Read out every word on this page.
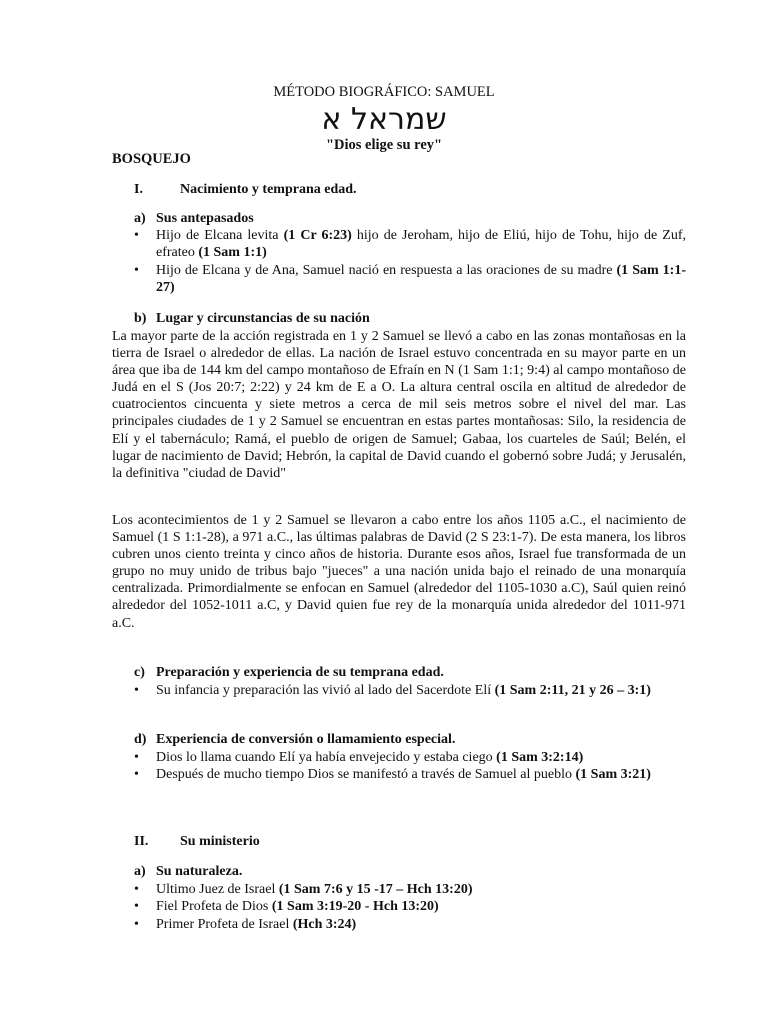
MÉTODO BIOGRÁFICO: SAMUEL
שמראל א
"Dios elige su rey"
BOSQUEJO
I.	Nacimiento y temprana edad.
a) Sus antepasados
• Hijo de Elcana levita (1 Cr 6:23) hijo de Jeroham, hijo de Eliú, hijo de Tohu, hijo de Zuf, efrateo (1 Sam 1:1)
• Hijo de Elcana y de Ana, Samuel nació en respuesta a las oraciones de su madre (1 Sam 1:1-27)
b) Lugar y circunstancias de su nación

La mayor parte de la acción registrada en 1 y 2 Samuel se llevó a cabo en las zonas montañosas en la tierra de Israel o alrededor de ellas. La nación de Israel estuvo concentrada en su mayor parte en un área que iba de 144 km del campo montañoso de Efraín en N (1 Sam 1:1; 9:4) al campo montañoso de Judá en el S (Jos 20:7; 2:22) y 24 km de E a O. La altura central oscila en altitud de alrededor de cuatrocientos cincuenta y siete metros a cerca de mil seis metros sobre el nivel del mar. Las principales ciudades de 1 y 2 Samuel se encuentran en estas partes montañosas: Silo, la residencia de Elí y el tabernáculo; Ramá, el pueblo de origen de Samuel; Gabaa, los cuarteles de Saúl; Belén, el lugar de nacimiento de David; Hebrón, la capital de David cuando el gobernó sobre Judá; y Jerusalén, la definitiva "ciudad de David"

Los acontecimientos de 1 y 2 Samuel se llevaron a cabo entre los años 1105 a.C., el nacimiento de Samuel (1 S 1:1-28), a 971 a.C., las últimas palabras de David (2 S 23:1-7). De esta manera, los libros cubren unos ciento treinta y cinco años de historia. Durante esos años, Israel fue transformada de un grupo no muy unido de tribus bajo "jueces" a una nación unida bajo el reinado de una monarquía centralizada. Primordialmente se enfocan en Samuel (alrededor del 1105-1030 a.C), Saúl quien reinó alrededor del 1052-1011 a.C, y David quien fue rey de la monarquía unida alrededor del 1011-971 a.C.

c) Preparación y experiencia de su temprana edad.
• Su infancia y preparación las vivió al lado del Sacerdote Elí (1 Sam 2:11, 21 y 26 – 3:1)
d) Experiencia de conversión o llamamiento especial.
• Dios lo llama cuando Elí ya había envejecido y estaba ciego (1 Sam 3:2:14)
• Después de mucho tiempo Dios se manifestó a través de Samuel al pueblo (1 Sam 3:21)
II. Su ministerio
a) Su naturaleza.
• Ultimo Juez de Israel (1 Sam 7:6 y 15 -17 – Hch 13:20)
• Fiel Profeta de Dios (1 Sam 3:19-20 - Hch 13:20)
• Primer Profeta de Israel (Hch 3:24)
